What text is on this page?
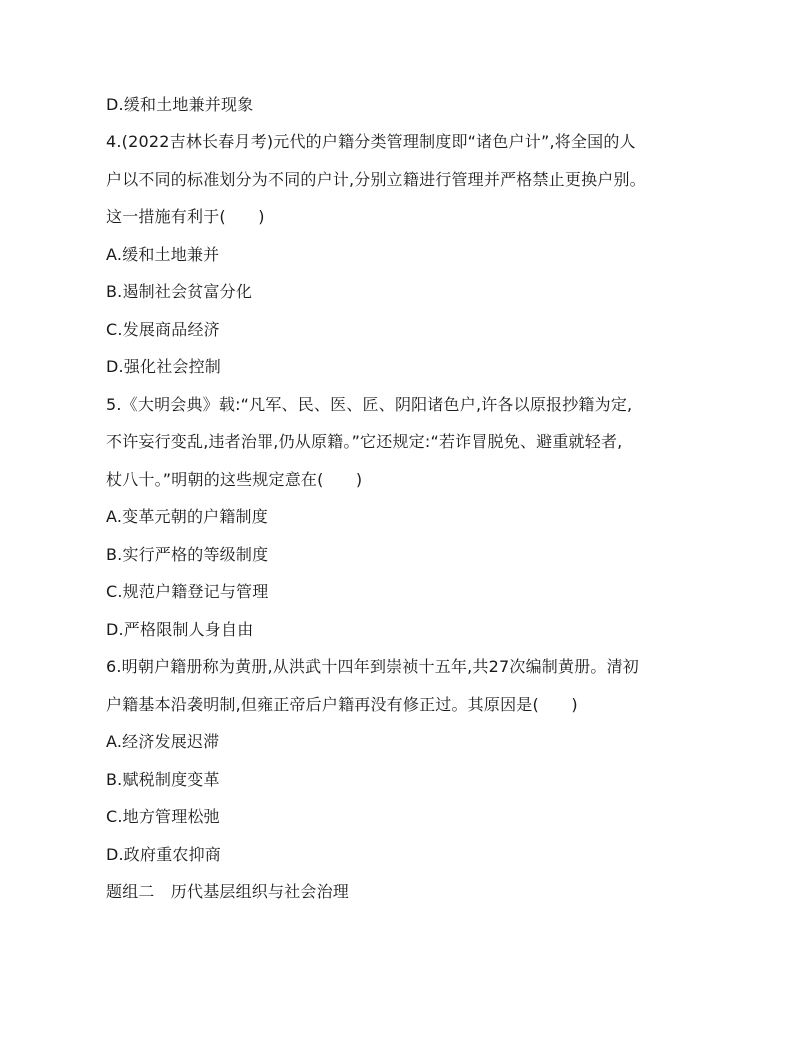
D.缓和土地兼并现象
4.(2022吉林长春月考)元代的户籍分类管理制度即“诸色户计”,将全国的人
户以不同的标准划分为不同的户计,分别立籍进行管理并严格禁止更换户别。
这一措施有利于(　　)
A.缓和土地兼并
B.遏制社会贫富分化
C.发展商品经济
D.强化社会控制
5.《大明会典》载:“凡军、民、医、匠、阴阳诸色户,许各以原报抄籍为定,
不许妄行变乱,违者治罪,仍从原籍。”它还规定:“若诈冒脱免、避重就轻者,
杖八十。”明朝的这些规定意在(　　)
A.变革元朝的户籍制度
B.实行严格的等级制度
C.规范户籍登记与管理
D.严格限制人身自由
6.明朝户籍册称为黄册,从洪武十四年到崇祯十五年,共27次编制黄册。清初
户籍基本沿袭明制,但雍正帝后户籍再没有修正过。其原因是(　　)
A.经济发展迟滞
B.赋税制度变革
C.地方管理松弛
D.政府重农抑商
题组二　历代基层组织与社会治理
